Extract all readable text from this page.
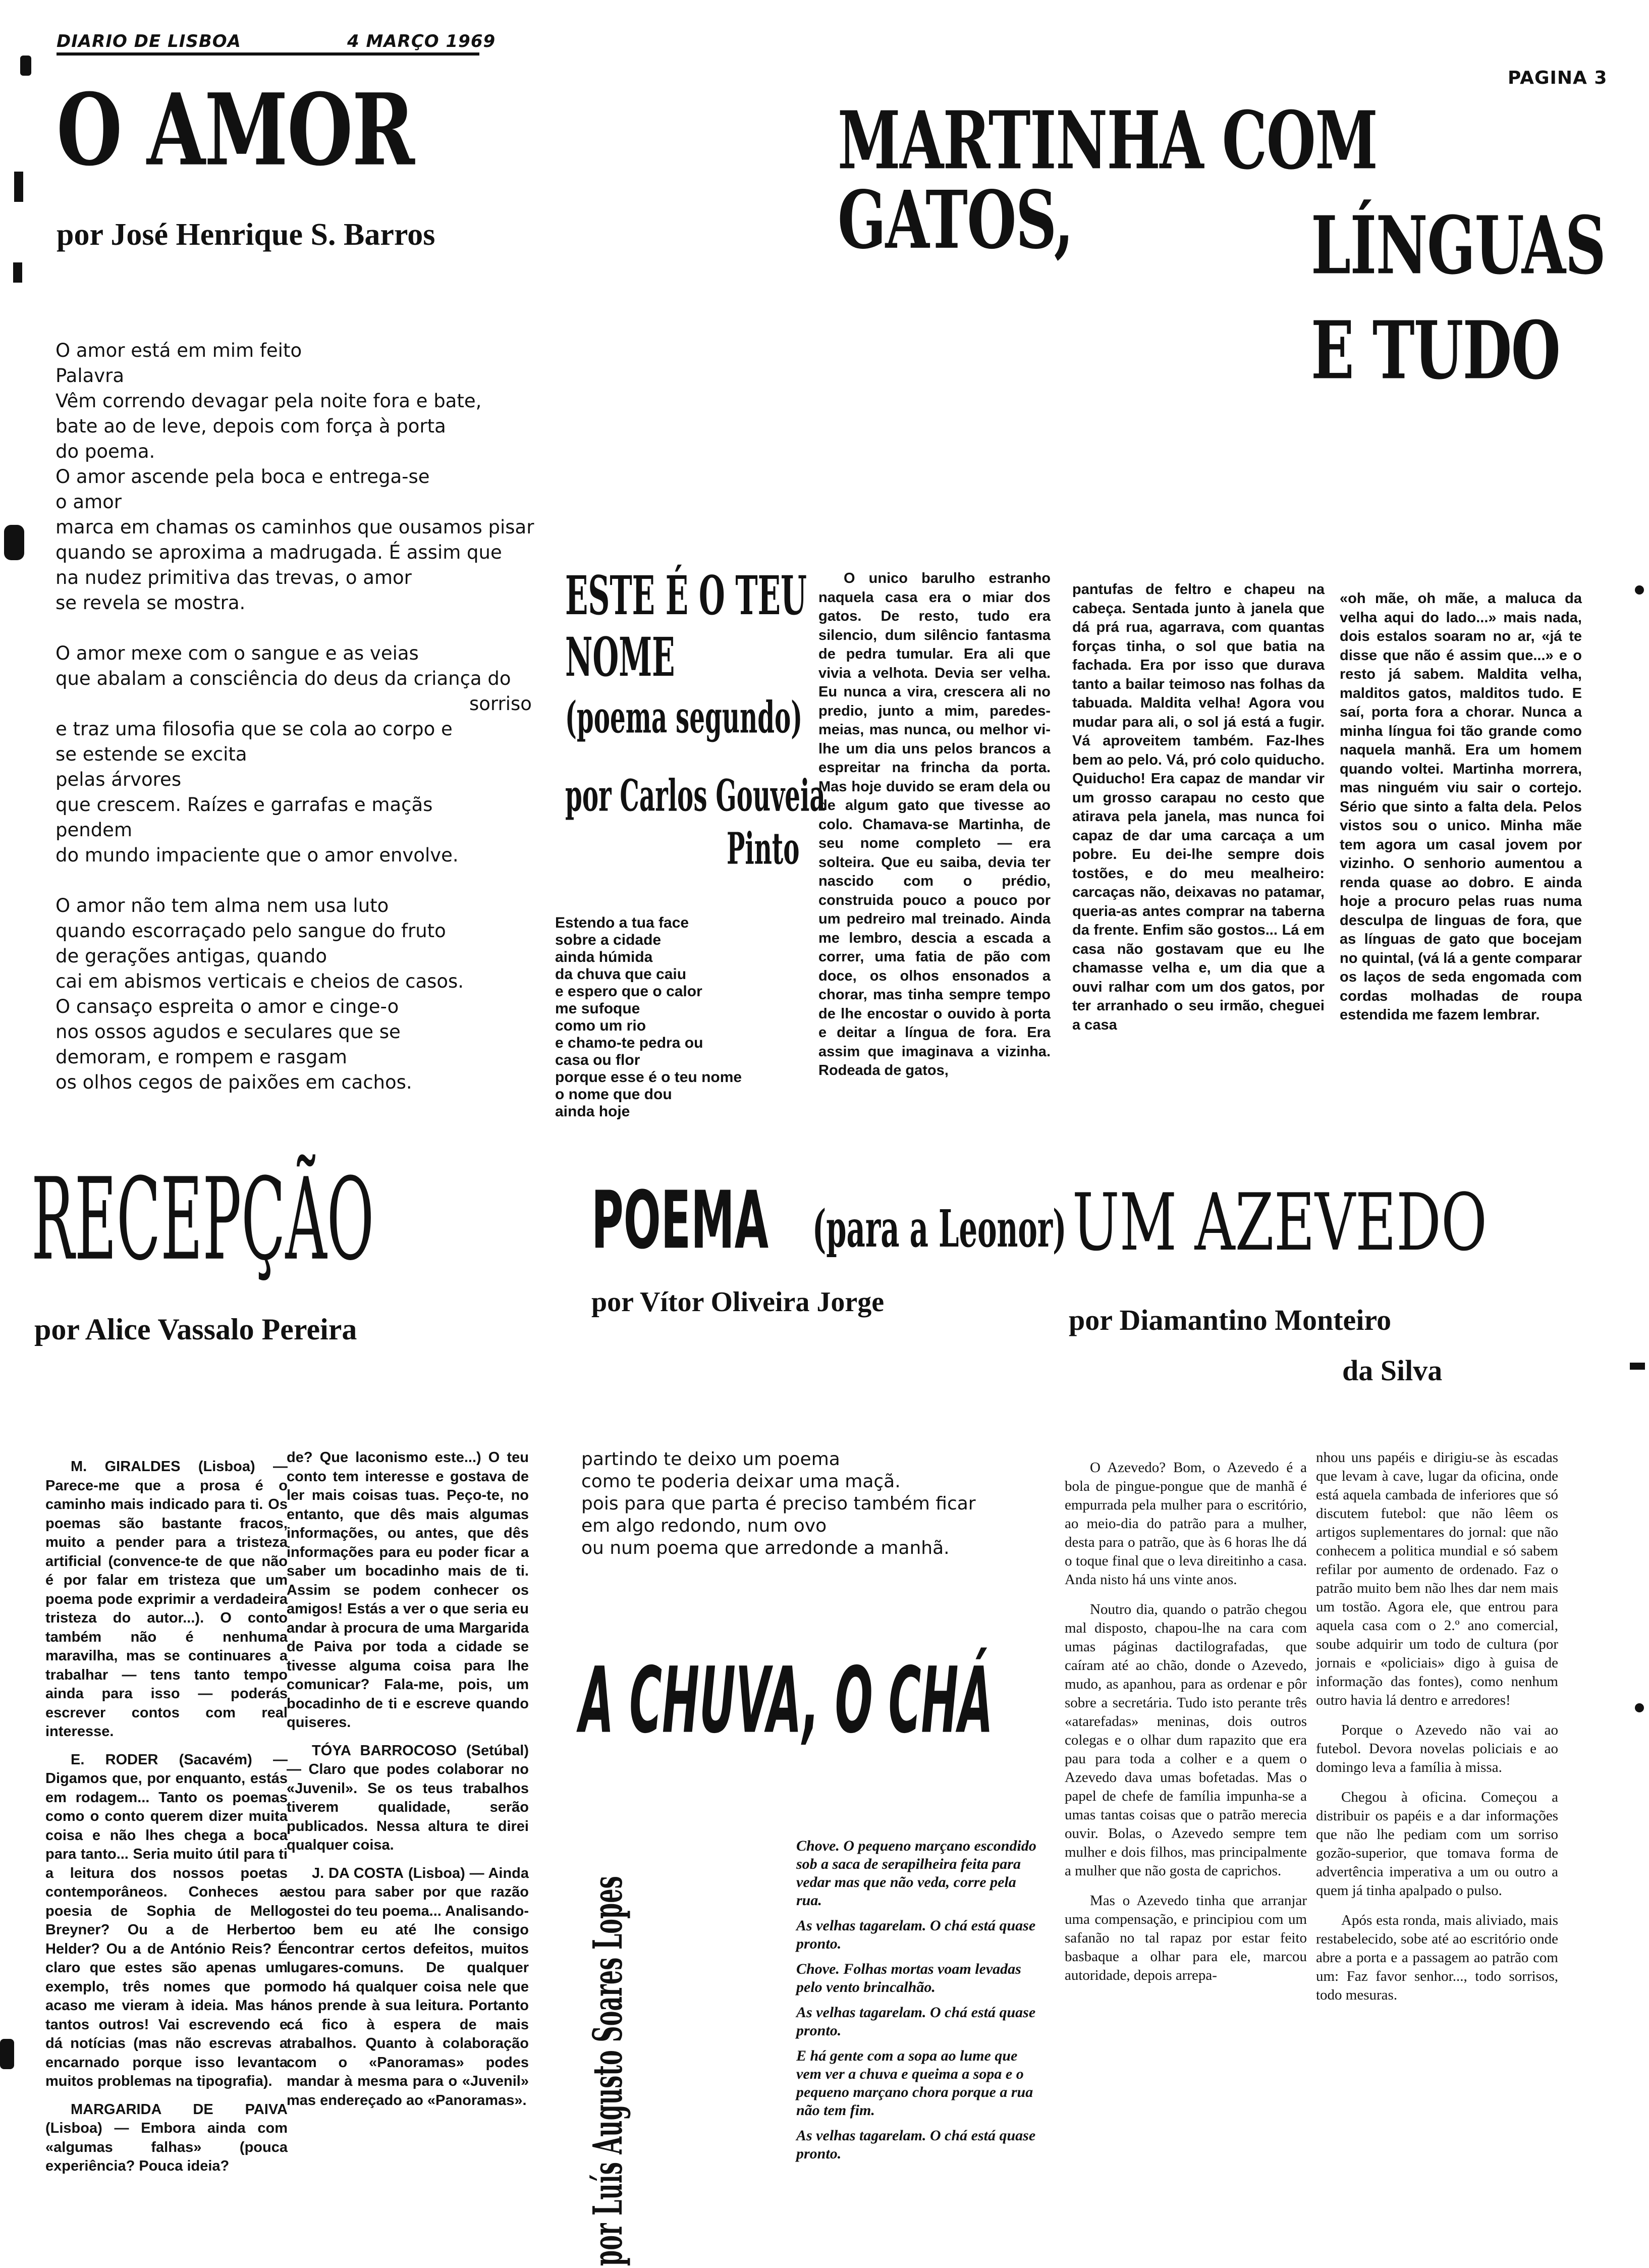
DIARIO DE LISBOA	4 MARÇO 1969
PAGINA 3
O AMOR
por José Henrique S. Barros
O amor está em mim feito
Palavra
Vêm correndo devagar pela noite fora e bate,
bate ao de leve, depois com força à porta
do poema.
O amor ascende pela boca e entrega-se
o amor
marca em chamas os caminhos que ousamos pisar
quando se aproxima a madrugada. É assim que
na nudez primitiva das trevas, o amor
se revela se mostra.

O amor mexe com o sangue e as veias
que abalam a consciência do deus da criança do
sorriso
e traz uma filosofia que se cola ao corpo e
se estende se excita
pelas árvores
que crescem. Raízes e garrafas e maçãs
pendem
do mundo impaciente que o amor envolve.

O amor não tem alma nem usa luto
quando escorraçado pelo sangue do fruto
de gerações antigas, quando
cai em abismos verticais e cheios de casos.
O cansaço espreita o amor e cinge-o
nos ossos agudos e seculares que se
demoram, e rompem e rasgam
os olhos cegos de paixões em cachos.
MARTINHA COM GATOS,	LÍNGUAS
E TUDO
ESTE É O TEU
NOME
(poema segundo)
por Carlos Gouveia
Pinto
Estendo a tua face
sobre a cidade
ainda húmida
da chuva que caiu
e espero que o calor
me sufoque
como um rio
e chamo-te pedra ou
casa ou flor
porque esse é o teu nome
o nome que dou
ainda hoje

O unico barulho estranho naquela casa era o miar dos gatos. De resto, tudo era silencio, dum silêncio fantasma de pedra tumular. Era ali que vivia a velhota. Devia ser velha. Eu nunca a vira, crescera ali no predio, junto a mim, paredes-meias, mas nunca, ou melhor vi-lhe um dia uns pelos brancos a espreitar na frincha da porta. Mas hoje duvido se eram dela ou de algum gato que tivesse ao colo. Chamava-se Martinha, de seu nome completo — era solteira. Que eu saiba, devia ter nascido com o prédio, construida pouco a pouco por um pedreiro mal treinado. Ainda me lembro, descia a escada a correr, uma fatia de pão com doce, os olhos ensonados a chorar, mas tinha sempre tempo de lhe encostar o ouvido à porta e deitar a língua de fora. Era assim que imaginava a vizinha. Rodeada de gatos,

pantufas de feltro e chapeu na cabeça. Sentada junto à janela que dá prá rua, agarrava, com quantas forças tinha, o sol que batia na fachada. Era por isso que durava tanto a bailar teimoso nas folhas da tabuada. Maldita velha! Agora vou mudar para ali, o sol já está a fugir. Vá aproveitem também. Faz-lhes bem ao pelo. Vá, pró colo quiducho. Quiducho! Era capaz de mandar vir um grosso carapau no cesto que atirava pela janela, mas nunca foi capaz de dar uma carcaça a um pobre. Eu dei-lhe sempre dois tostões, e do meu mealheiro: carcaças não, deixavas no patamar, queria-as antes comprar na taberna da frente. Enfim são gostos... Lá em casa não gostavam que eu lhe chamasse velha e, um dia que a ouvi ralhar com um dos gatos, por ter arranhado o seu irmão, cheguei a casa

«oh mãe, oh mãe, a maluca da velha aqui do lado...» mais nada, dois estalos soaram no ar, «já te disse que não é assim que...» e o resto já sabem. Maldita velha, malditos gatos, malditos tudo. E saí, porta fora a chorar. Nunca a minha língua foi tão grande como naquela manhã. Era um homem quando voltei. Martinha morrera, mas ninguém viu sair o cortejo. Sério que sinto a falta dela. Pelos vistos sou o unico. Minha mãe tem agora um casal jovem por vizinho. O senhorio aumentou a renda quase ao dobro. E ainda hoje a procuro pelas ruas numa desculpa de linguas de fora, que as línguas de gato que bocejam no quintal, (vá lá a gente comparar os laços de seda engomada com cordas molhadas de roupa estendida me fazem lembrar.

RECEPÇÃO
por Alice Vassalo Pereira

M. GIRALDES (Lisboa) — Parece-me que a prosa é o caminho mais indicado para ti. Os poemas são bastante fracos, muito a pender para a tristeza artificial (convence-te de que não é por falar em tristeza que um poema pode exprimir a verdadeira tristeza do autor...). O conto também não é nenhuma maravilha, mas se continuares a trabalhar — tens tanto tempo ainda para isso — poderás escrever contos com real interesse.

E. RODER (Sacavém) — Digamos que, por enquanto, estás em rodagem... Tanto os poemas como o conto querem dizer muita coisa e não lhes chega a boca para tanto... Seria muito útil para ti a leitura dos nossos poetas contemporâneos. Conheces a poesia de Sophia de Mello Breyner? Ou a de Herberto Helder? Ou a de António Reis? É claro que estes são apenas um exemplo, três nomes que por acaso me vieram à ideia. Mas há tantos outros! Vai escrevendo e dá notícias (mas não escrevas a encarnado porque isso levanta muitos problemas na tipografia).

MARGARIDA DE PAIVA (Lisboa) — Embora ainda com «algumas falhas» (pouca experiência? Pouca ideia?

de? Que laconismo este...) O teu conto tem interesse e gostava de ler mais coisas tuas. Peço-te, no entanto, que dês mais algumas informações, ou antes, que dês informações para eu poder ficar a saber um bocadinho mais de ti. Assim se podem conhecer os amigos! Estás a ver o que seria eu andar à procura de uma Margarida de Paiva por toda a cidade se tivesse alguma coisa para lhe comunicar? Fala-me, pois, um bocadinho de ti e escreve quando quiseres.

TÓYA BARROCOSO (Setúbal) — Claro que podes colaborar no «Juvenil». Se os teus trabalhos tiverem qualidade, serão publicados. Nessa altura te direi qualquer coisa.

J. DA COSTA (Lisboa) — Ainda estou para saber por que razão gostei do teu poema... Analisando-o bem eu até lhe consigo encontrar certos defeitos, muitos lugares-comuns. De qualquer modo há qualquer coisa nele que nos prende à sua leitura. Portanto cá fico à espera de mais trabalhos. Quanto à colaboração com o «Panoramas» podes mandar à mesma para o «Juvenil» mas endereçado ao «Panoramas».

POEMA (para a Leonor)
por Vítor Oliveira Jorge
partindo te deixo um poema
como te poderia deixar uma maçã.
pois para que parta é preciso também ficar
em algo redondo, num ovo
ou num poema que arredonde a manhã.
UM AZEVEDO
por Diamantino Monteiro
da Silva

O Azevedo? Bom, o Azevedo é a bola de pingue-pongue que de manhã é empurrada pela mulher para o escritório, ao meio-dia do patrão para a mulher, desta para o patrão, que às 6 horas lhe dá o toque final que o leva direitinho a casa. Anda nisto há uns vinte anos.

Noutro dia, quando o patrão chegou mal disposto, chapou-lhe na cara com umas páginas dactilografadas, que caíram até ao chão, donde o Azevedo, mudo, as apanhou, para as ordenar e pôr sobre a secretária. Tudo isto perante três «atarefadas» meninas, dois outros colegas e o olhar dum rapazito que era pau para toda a colher e a quem o Azevedo dava umas bofetadas. Mas o papel de chefe de família impunha-se a umas tantas coisas que o patrão merecia ouvir. Bolas, o Azevedo sempre tem mulher e dois filhos, mas principalmente a mulher que não gosta de caprichos.

Mas o Azevedo tinha que arranjar uma compensação, e principiou com um safanão no tal rapaz por estar feito basbaque a olhar para ele, marcou autoridade, depois arrepa-

nhou uns papéis e dirigiu-se às escadas que levam à cave, lugar da oficina, onde está aquela cambada de inferiores que só discutem futebol: que não lêem os artigos suplementares do jornal: que não conhecem a politica mundial e só sabem refilar por aumento de ordenado. Faz o patrão muito bem não lhes dar nem mais um tostão. Agora ele, que entrou para aquela casa com o 2.º ano comercial, soube adquirir um todo de cultura (por jornais e «policiais» digo à guisa de informação das fontes), como nenhum outro havia lá dentro e arredores!

Porque o Azevedo não vai ao futebol. Devora novelas policiais e ao domingo leva a família à missa.

Chegou à oficina. Começou a distribuir os papéis e a dar informações que não lhe pediam com um sorriso gozão-superior, que tomava forma de advertência imperativa a um ou outro a quem já tinha apalpado o pulso.

Após esta ronda, mais aliviado, mais restabelecido, sobe até ao escritório onde abre a porta e a passagem ao patrão com um: Faz favor senhor..., todo sorrisos, todo mesuras.

A CHUVA, O CHÁ
por Luís Augusto Soares Lopes

Chove. O pequeno marçano escondido sob a saca de serapilheira feita para vedar mas que não veda, corre pela rua.

As velhas tagarelam. O chá está quase pronto.

Chove. Folhas mortas voam levadas pelo vento brincalhão.

As velhas tagarelam. O chá está quase pronto.

E há gente com a sopa ao lume que vem ver a chuva e queima a sopa e o pequeno marçano chora porque a rua não tem fim.

As velhas tagarelam. O chá está quase pronto.
